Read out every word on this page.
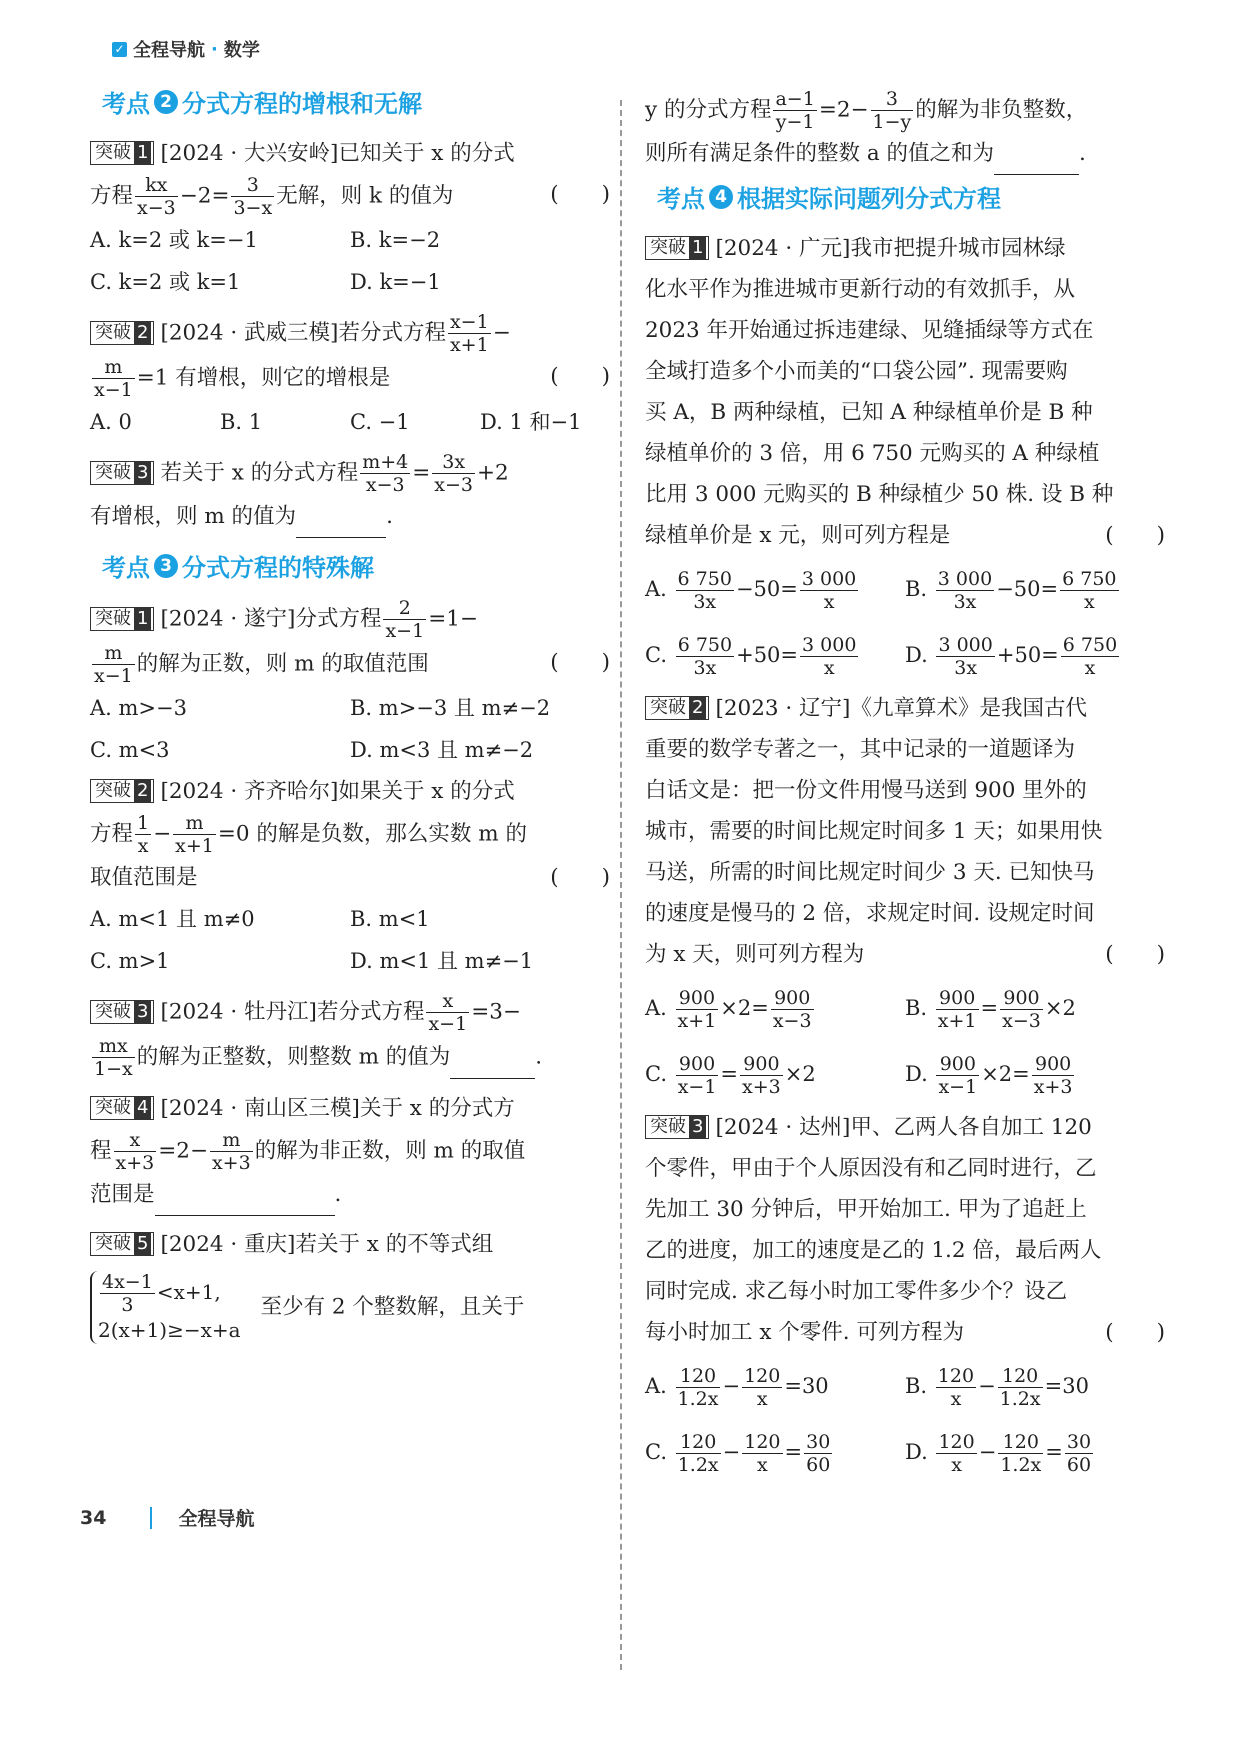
✓ 全程导航 · 数学
考点 2 分式方程的增根和无解

突破 1 [2024 · 大兴安岭]已知关于 x 的分式

方程 $\frac{kx}{x-3} -2= \frac{3}{3-x}$ 无解，则 k 的值为	(　　)

A. k=2 或 k=−1	B. k=−2
C. k=2 或 k=1	D. k=−1

突破 2 [2024 · 武威三模]若分式方程 $\frac{x-1}{x+1}$ −

$\frac{m}{x-1} =1$ 有增根，则它的增根是	(　　)

A. 0	B. 1	C. −1	D. 1 和−1

突破 3 若关于 x 的分式方程 $\frac{m+4}{x-3} = \frac{3x}{x-3} +2$

有增根，则 m 的值为	.

考点 3 分式方程的特殊解

突破 1 [2024 · 遂宁]分式方程 $\frac{2}{x-1} =1-$

$\frac{m}{x-1}$ 的解为正数，则 m 的取值范围	(　　)

A. m>−3	B. m>−3 且 m≠−2
C. m<3	D. m<3 且 m≠−2

突破 2 [2024 · 齐齐哈尔]如果关于 x 的分式

方程 $\frac{1}{x} - \frac{m}{x+1} =0$ 的解是负数，那么实数 m 的

取值范围是	(　　)

A. m<1 且 m≠0	B. m<1
C. m>1	D. m<1 且 m≠−1

突破 3 [2024 · 牡丹江]若分式方程 $\frac{x}{x-1} =3-$

$\frac{mx}{1-x}$ 的解为正整数，则整数 m 的值为	.

突破 4 [2024 · 南山区三模]关于 x 的分式方

程 $\frac{x}{x+3} =2- \frac{m}{x+3}$ 的解为非正数，则 m 的取值

范围是	.

突破 5 [2024 · 重庆]若关于 x 的不等式组

$\frac{4x-1}{3} <x+1$,
2(x+1)≥−x+a
至少有 2 个整数解，且关于

y 的分式方程 $\frac{a-1}{y-1} =2- \frac{3}{1-y}$ 的解为非负整数，

则所有满足条件的整数 a 的值之和为	.

考点 4 根据实际问题列分式方程

突破 1 [2024 · 广元]我市把提升城市园林绿

化水平作为推进城市更新行动的有效抓手，从

2023 年开始通过拆违建绿、见缝插绿等方式在

全域打造多个小而美的“口袋公园”. 现需要购

买 A，B 两种绿植，已知 A 种绿植单价是 B 种

绿植单价的 3 倍，用 6 750 元购买的 A 种绿植

比用 3 000 元购买的 B 种绿植少 50 株. 设 B 种

绿植单价是 x 元，则可列方程是	(　　)

A. $\frac{6 750}{3x} -50= \frac{3 000}{x} B$. $\frac{3 000}{3x} -50= \frac{6 750}{x}$
C. $\frac{6 750}{3x} +50= \frac{3 000}{x} D$. $\frac{3 000}{3x} +50= \frac{6 750}{x}$

突破 2 [2023 · 辽宁]《九章算术》是我国古代

重要的数学专著之一，其中记录的一道题译为

白话文是：把一份文件用慢马送到 900 里外的

城市，需要的时间比规定时间多 1 天；如果用快

马送，所需的时间比规定时间少 3 天. 已知快马

的速度是慢马的 2 倍，求规定时间. 设规定时间

为 x 天，则可列方程为	(　　)

A. $\frac{900}{x+1} \times 2= \frac{900}{x-3}$	B. $\frac{900}{x+1} = \frac{900}{x-3} \times 2$
C. $\frac{900}{x-1} = \frac{900}{x+3} \times 2$	D. $\frac{900}{x-1} \times 2= \frac{900}{x+3}$

突破 3 [2024 · 达州]甲、乙两人各自加工 120

个零件，甲由于个人原因没有和乙同时进行，乙

先加工 30 分钟后，甲开始加工. 甲为了追赶上

乙的进度，加工的速度是乙的 1.2 倍，最后两人

同时完成. 求乙每小时加工零件多少个？设乙

每小时加工 x 个零件. 可列方程为	(　　)

A. $\frac{120}{1.2x} - \frac{120}{x} =30$	B. $\frac{120}{x} - \frac{120}{1.2x} =30$
C. $\frac{120}{1.2x} - \frac{120}{x} = \frac{30}{60}$	D. $\frac{120}{x} - \frac{120}{1.2x} = \frac{30}{60}$
34	全程导航
